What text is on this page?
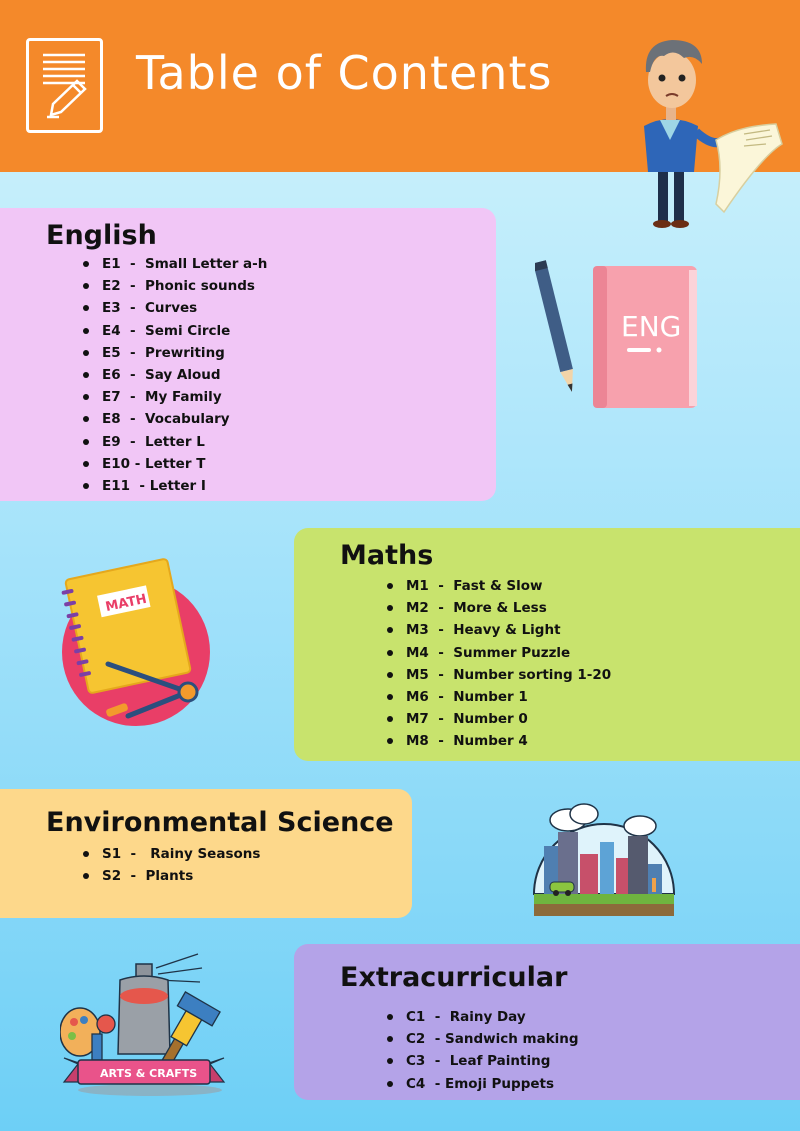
Table of Contents
English
E1  -  Small Letter a-h
E2  -  Phonic sounds
E3  -  Curves
E4  -  Semi Circle
E5  -  Prewriting
E6  -  Say Aloud
E7  -  My Family
E8  -  Vocabulary
E9  -  Letter L
E10 - Letter T
E11  - Letter I
ENG
Maths
M1  -  Fast & Slow
M2  -  More & Less
M3  -  Heavy & Light
M4  -  Summer Puzzle
M5  -  Number sorting 1-20
M6  -  Number 1
M7  -  Number 0
M8  -  Number 4
MATH
Environmental Science
S1  -   Rainy Seasons
S2  -  Plants
Extracurricular
C1  -  Rainy Day
C2  - Sandwich making
C3  -  Leaf Painting
C4  - Emoji Puppets
ARTS & CRAFTS
